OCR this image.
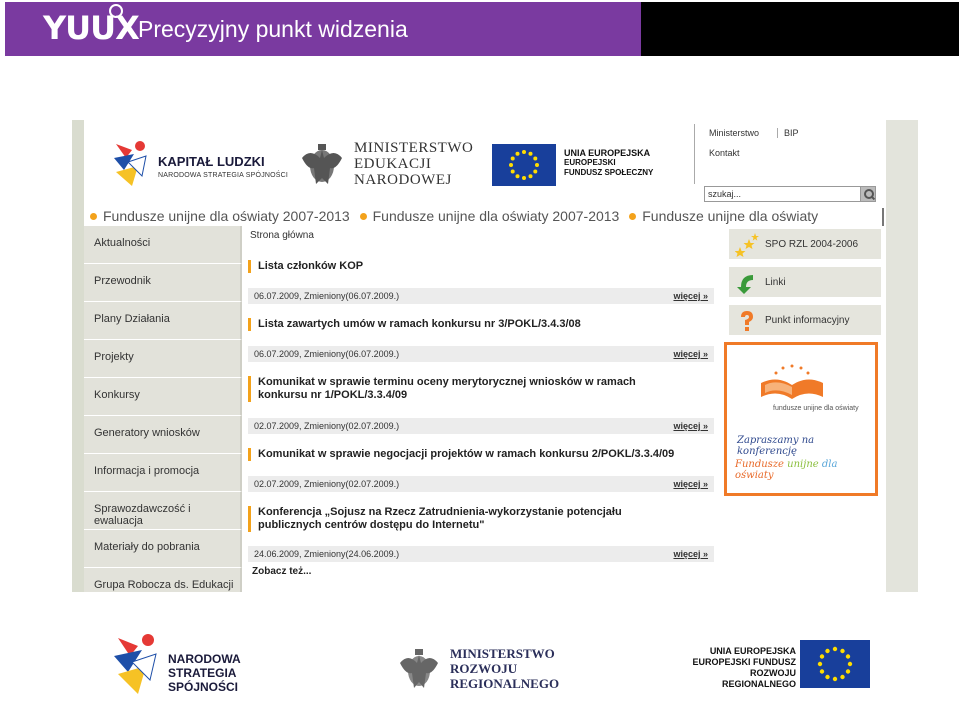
YUUX Precyzyjny punkt widzenia
KAPITAŁ LUDZKI
NARODOWA STRATEGIA SPÓJNOŚCI
MINISTERSTWO
EDUKACJI
NARODOWEJ
UNIA EUROPEJSKA
EUROPEJSKI
FUNDUSZ SPOŁECZNY
Ministerstwo	BIP
Kontakt
szukaj...
Fundusze unijne dla oświaty 2007-2013 Fundusze unijne dla oświaty 2007-2013 Fundusze unijne dla oświaty
Aktualności
Przewodnik
Plany Działania
Projekty
Konkursy
Generatory wniosków
Informacja i promocja
Sprawozdawczość i ewaluacja
Materiały do pobrania
Grupa Robocza ds. Edukacji
Strona główna
Lista członków KOP
06.07.2009, Zmieniony(06.07.2009.)	więcej »
Lista zawartych umów w ramach konkursu nr 3/POKL/3.4.3/08
06.07.2009, Zmieniony(06.07.2009.)	więcej »
Komunikat w sprawie terminu oceny merytorycznej wniosków w ramach
konkursu nr 1/POKL/3.3.4/09
02.07.2009, Zmieniony(02.07.2009.)	więcej »
Komunikat w sprawie negocjacji projektów w ramach konkursu 2/POKL/3.3.4/09
02.07.2009, Zmieniony(02.07.2009.)	więcej »
Konferencja „Sojusz na Rzecz Zatrudnienia-wykorzystanie potencjału
publicznych centrów dostępu do Internetu"
24.06.2009, Zmieniony(24.06.2009.)	więcej »
Zobacz też...
SPO RZL 2004-2006
Linki
Punkt informacyjny
fundusze unijne dla oświaty
Zapraszamy na konferencję
Fundusze unijne dla oświaty
NARODOWA
STRATEGIA SPÓJNOŚCI
MINISTERSTWO
ROZWOJU
REGIONALNEGO
UNIA EUROPEJSKA
EUROPEJSKI FUNDUSZ
ROZWOJU REGIONALNEGO
